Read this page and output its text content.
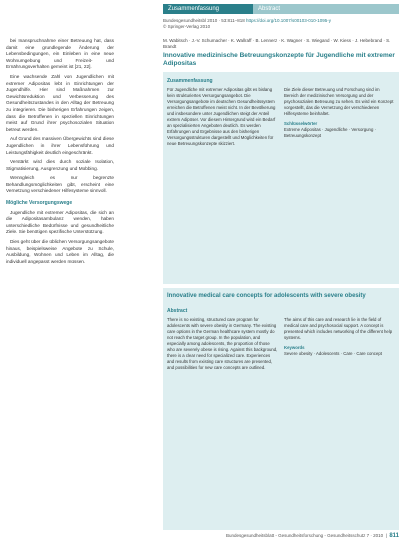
bei Inanspruchnahme einer Betreuung hat, dass damit eine grundlegende Änderung der Lebensbedingungen, ein Einleben in eine neue Wohnumgebung und Freizeit- und Ernährungsverhalten gemeint ist [21, 22].

Eine wachsende Zahl von Jugendlichen mit extremer Adipositas lebt in Einrichtungen der Jugendhilfe. Hier sind Maßnahmen zur Gewichtsreduktion und Verbesserung des Gesundheitszustandes in den Alltag der Betreuung zu integrieren. Die bisherigen Erfahrungen zeigen, dass die Betroffenen in speziellen Einrichtungen meist auf Grund ihrer psychosozialen Situation betreut werden.

Auf Grund des massiven Übergewichts sind diese Jugendlichen in ihrer Lebensführung und Leistungsfähigkeit deutlich eingeschränkt.

Verstärkt wird dies durch soziale Isolation, Stigmatisierung, Ausgrenzung und Mobbing.

Wenngleich es nur begrenzte Behandlungsmöglichkeiten gibt, erscheint eine Vernetzung verschiedener Hilfesysteme sinnvoll.

Mögliche Versorgungswege

Jugendliche mit extremer Adipositas, die sich an die Adipositasambulanz wenden, haben unterschiedliche Bedürfnisse und gesundheitliche Ziele. Sie benötigen spezifische Unterstützung.

Dies geht über die üblichen Versorgungsangebote hinaus, beispielsweise Angebote zu Schule, Ausbildung, Wohnen und Leben im Alltag, die individuell angepasst werden müssen.

Zusammenfassung	Abstract
Bundesgesundheitsbl 2010 · 53:811–818 https://doi.org/10.1007/s00103-010-1095-y
© Springer-Verlag 2010
M. Wabitsch · J.-V. Schumacher · K. Wallraff · B. Lennerz · K. Wagner · S. Wiegand · W. Kiess · J. Hebebrand · S. Brandt
Innovative medizinische Betreuungskonzepte für Jugendliche mit extremer Adipositas
Zusammenfassung

Für Jugendliche mit extremer Adipositas gibt es bislang kein strukturiertes Versorgungsangebot. Die Versorgungsangebote im deutschen Gesundheitssystem erreichen die Betroffenen meist nicht. In der Bevölkerung und insbesondere unter Jugendlichen steigt der Anteil extrem Adipöser. Vor diesem Hintergrund wird ein Bedarf an spezialisierten Angeboten deutlich. Es werden Erfahrungen und Ergebnisse aus den bisherigen Versorgungsstrukturen dargestellt und Möglichkeiten für neue Betreuungskonzepte skizziert.

Die Ziele dieser Betreuung und Forschung sind im Bereich der medizinischen Versorgung und der psychosozialen Betreuung zu sehen. Es wird ein Konzept vorgestellt, das die Vernetzung der verschiedenen Hilfesysteme beinhaltet.

Schlüsselwörter

Extreme Adipositas · Jugendliche · Versorgung · Betreuungskonzept

Innovative medical care concepts for adolescents with severe obesity
Abstract

There is no existing, structured care program for adolescents with severe obesity in Germany. The existing care options in the German healthcare system mostly do not reach the target group. In the population, and especially among adolescents, the proportion of those who are severely obese is rising. Against this background, there is a clear need for specialized care. Experiences and results from existing care structures are presented, and possibilities for new care concepts are outlined.

The aims of this care and research lie in the field of medical care and psychosocial support. A concept is presented which includes networking of the different help systems.

Keywords

Severe obesity · Adolescents · Care · Care concept

Bundesgesundheitsblatt - Gesundheitsforschung - Gesundheitsschutz 7 · 2010  |  811
